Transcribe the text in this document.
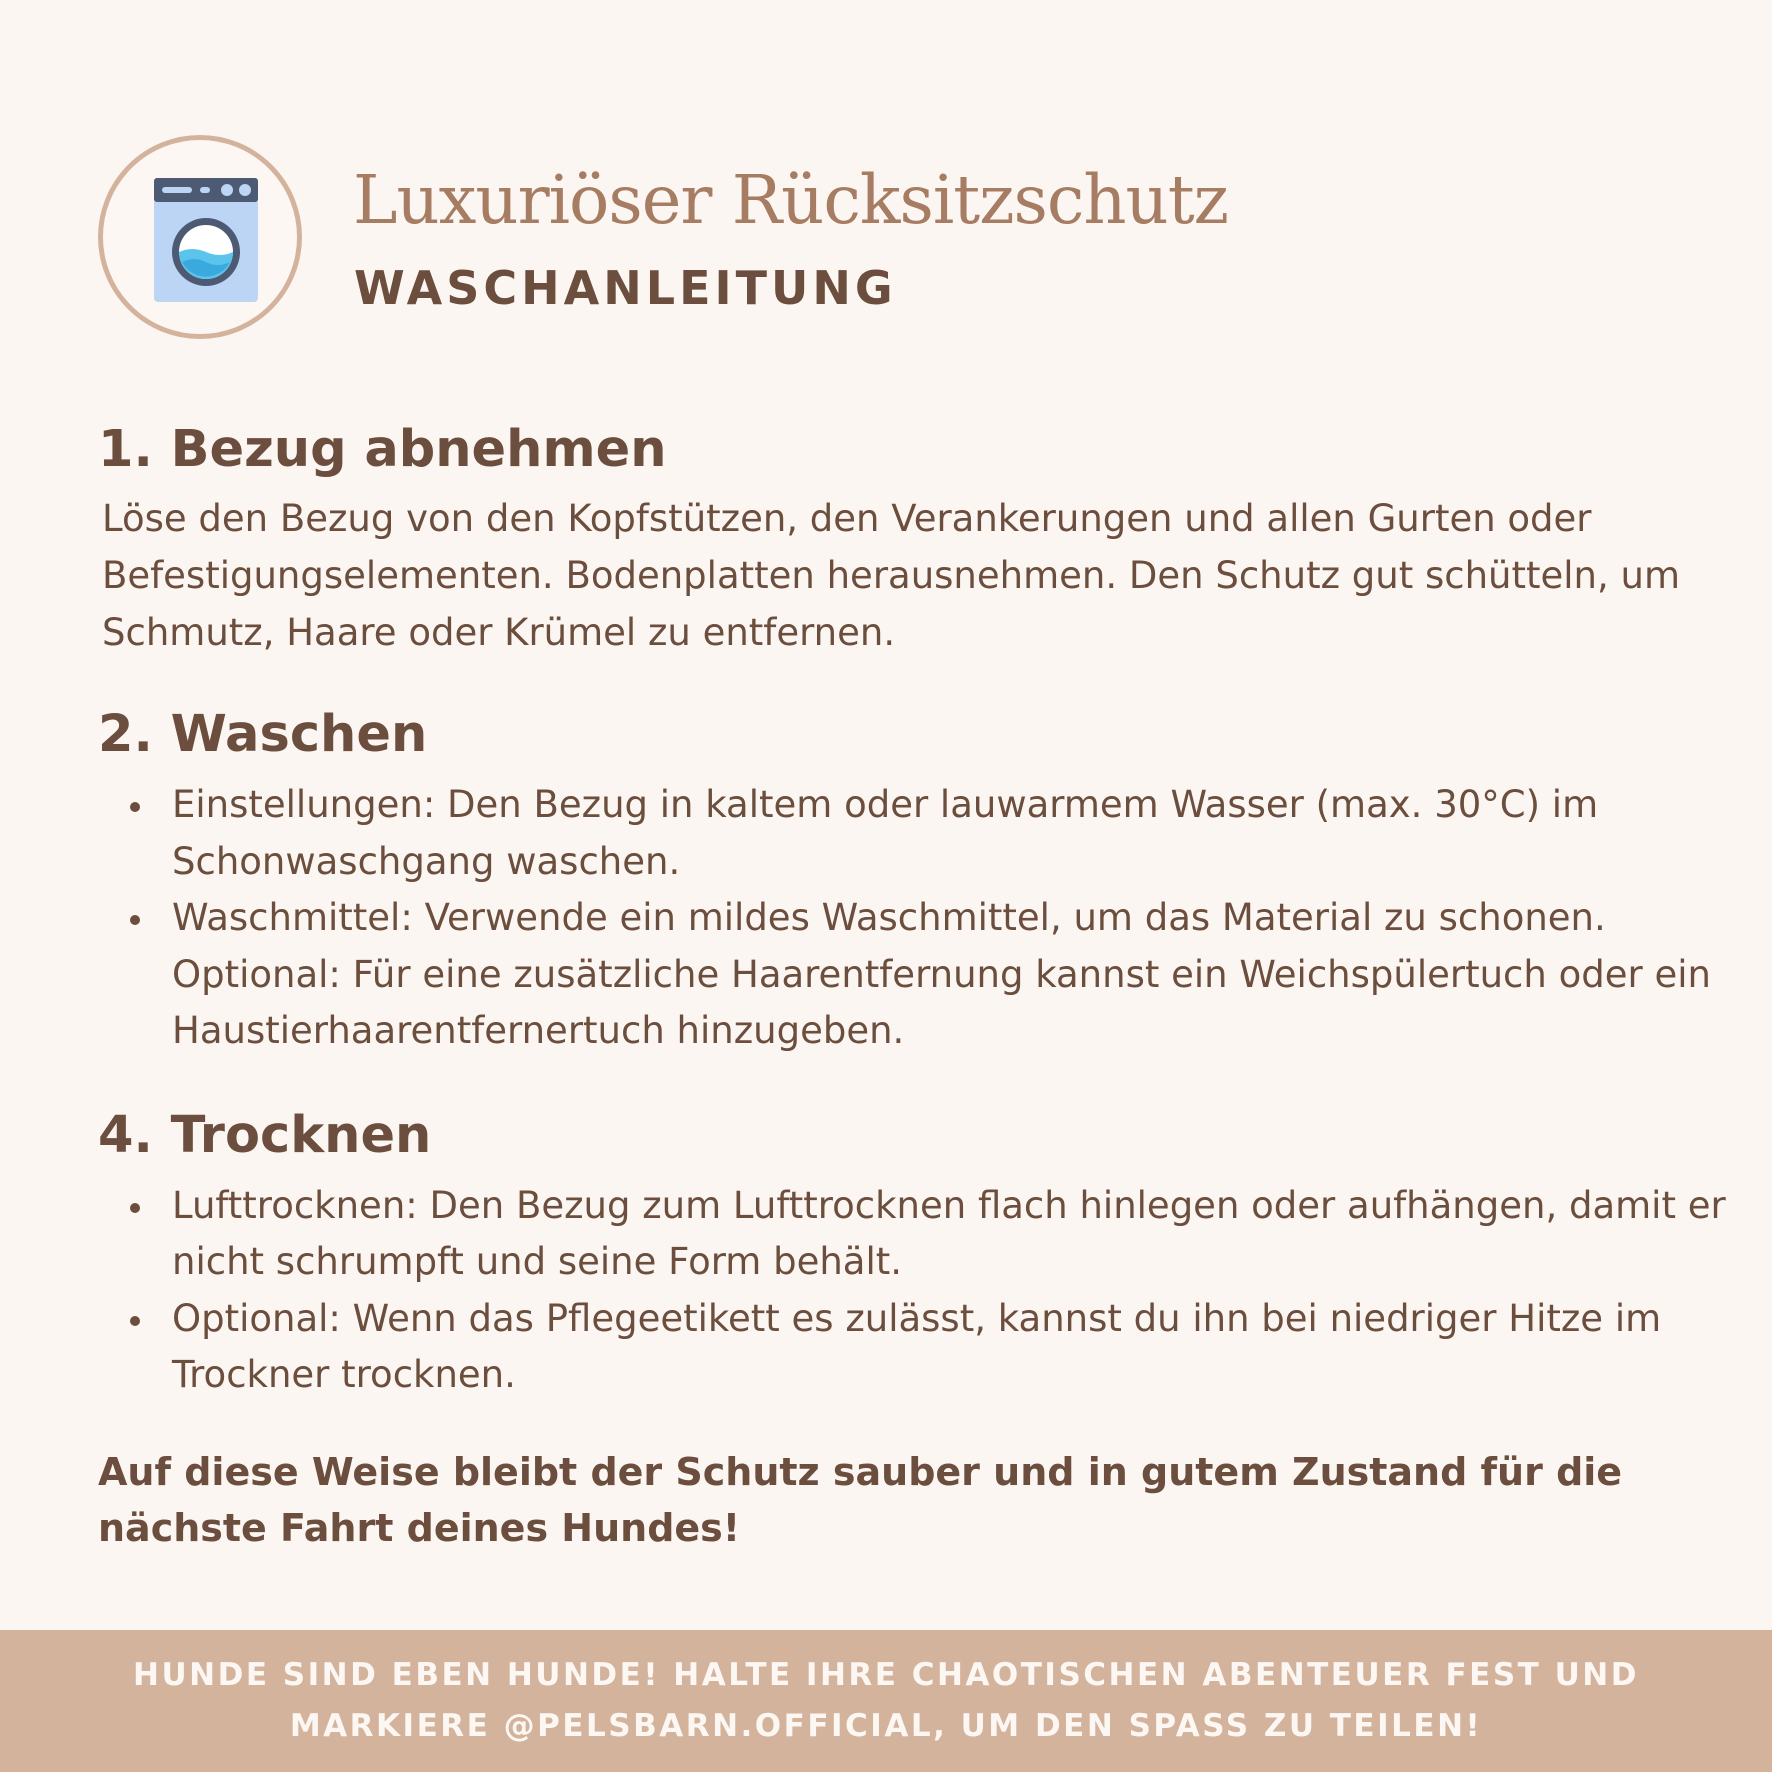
Luxuriöser Rücksitzschutz
WASCHANLEITUNG
1. Bezug abnehmen

Löse den Bezug von den Kopfstützen, den Verankerungen und allen Gurten oder Befestigungselementen. Bodenplatten herausnehmen. Den Schutz gut schütteln, um Schmutz, Haare oder Krümel zu entfernen.

2. Waschen
Einstellungen: Den Bezug in kaltem oder lauwarmem Wasser (max. 30°C) im Schonwaschgang waschen.
Waschmittel: Verwende ein mildes Waschmittel, um das Material zu schonen. Optional: Für eine zusätzliche Haarentfernung kannst ein Weichspülertuch oder ein Haustierhaarentfernertuch hinzugeben.
4. Trocknen
Lufttrocknen: Den Bezug zum Lufttrocknen flach hinlegen oder aufhängen, damit er nicht schrumpft und seine Form behält.
Optional: Wenn das Pflegeetikett es zulässt, kannst du ihn bei niedriger Hitze im Trockner trocknen.

Auf diese Weise bleibt der Schutz sauber und in gutem Zustand für die nächste Fahrt deines Hundes!

HUNDE SIND EBEN HUNDE! HALTE IHRE CHAOTISCHEN ABENTEUER FEST UND
MARKIERE @PELSBARN.OFFICIAL, UM DEN SPASS ZU TEILEN!
